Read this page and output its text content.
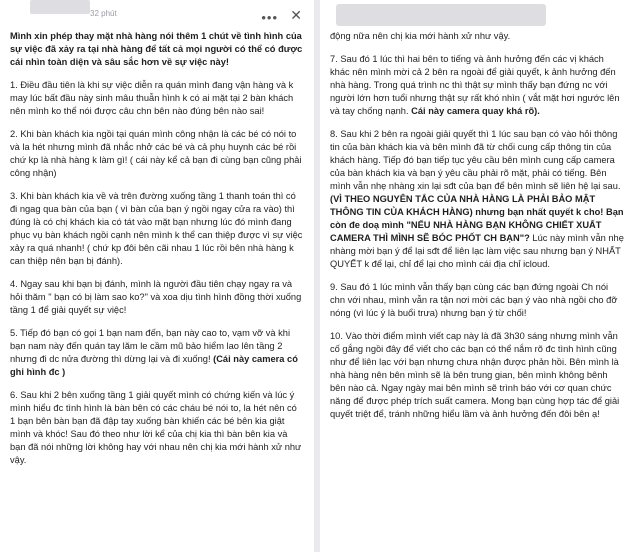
32 phút	••• ✕

Mình xin phép thay mặt nhà hàng nói thêm 1 chút về tình hình của sự việc đã xảy ra tại nhà hàng để tất cả mọi người có thể có được cái nhìn toàn diện và sâu sắc hơn về sự việc này!

1. Điều đầu tiên là khi sự việc diễn ra quán mình đang vận hàng và k may lúc bất đầu này sinh mâu thuẫn hình k có ai mặt tại 2 bàn khách nên mình ko thể nói được câu chn bên nào đúng bên nào sai!

2. Khi bàn khách kia ngồi tại quán mình công nhận là các bé có nói to và la hét nhưng mình đã nhắc nhở các bé và cả phụ huynh các bé rồi chứ kp là nhà hàng k làm gì! ( cái này kể cả bạn đi cùng bạn cũng phải công nhận)

3. Khi bàn khách kia về và trên đường xuống tầng 1 thanh toán thì có đi ngag qua bàn của bạn ( vì bàn của bạn ý ngồi ngay cửa ra vào) thì đúng là có chị khách kia có tát vào mặt bạn nhưng lúc đó mình đang phục vụ bàn khách ngồi cạnh nên mình k thể can thiệp được vì sự việc xảy ra quá nhanh! ( chứ kp đôi bên cãi nhau 1 lúc rồi bên nhà hàng k can thiệp nên bạn bị đánh).

4. Ngay sau khi bạn bị đánh, mình là người đầu tiên chạy ngay ra và hỏi thăm " bạn có bị làm sao ko?" và xoa dịu tình hình đồng thời xuống tầng 1 để giải quyết sự việc!

5. Tiếp đó bạn có gọi 1 bạn nam đến, bạn này cao to, vạm vỡ và khi bạn nam này đến quán tay lăm le cầm mũ bảo hiểm lao lên tầng 2 nhưng đi dc nửa đường thì dừng lại và đi xuống! (Cái này camera có ghi hình đc )

6. Sau khi 2 bên xuống tầng 1 giải quyết mình có chứng kiến và lúc ý mình hiểu đc tình hình là bàn bên có các cháu bé nói to, la hét nên có 1 bạn bên bàn bạn đã đập tay xuống bàn khiến các bé bên kia giật mình và khóc! Sau đó theo như lời kể của chị kia thì bàn bên kia và bạn đã nói những lời không hay với nhau nên chị kia mới hành xử như vậy.

động nữa nên chị kia mới hành xử như vậy.

7. Sau đó 1 lúc thì hai bên to tiếng và ảnh hưởng đến các vị khách khác nên mình mời cả 2 bên ra ngoài để giải quyết, k ảnh hưởng đến nhà hàng. Trong quá trình nc thì thật sự mình thấy bạn đứng nc với người lớn hơn tuổi nhưng thật sự rất khó nhìn ( vắt mặt hơi ngước lên và tay chống nạnh. Cái này camera quay khá rõ).

8. Sau khi 2 bên ra ngoài giải quyết thì 1 lúc sau bạn có vào hỏi thông tin của bàn khách kia và bên mình đã từ chối cung cấp thông tin của khách hàng. Tiếp đó bạn tiếp tục yêu cầu bên mình cung cấp camera của bàn khách kia và bạn ý yêu cầu phải rõ mặt, phải có tiếng. Bên mình vẫn nhẹ nhàng xin lại sđt của bạn để bên mình sẽ liên hệ lại sau. (VÌ THEO NGUYÊN TẮC CỦA NHÀ HÀNG LÀ PHẢI BẢO MẬT THÔNG TIN CỦA KHÁCH HÀNG) nhưng bạn nhất quyết k cho! Bạn còn đe doạ mình "NẾU NHÀ HÀNG BẠN KHÔNG CHIẾT XUẤT CAMERA THÌ MÌNH SẼ BÓC PHỐT CH BẠN"? Lúc này mình vẫn nhẹ nhàng mời bạn ý để lại sđt để liên lạc làm việc sau nhưng bạn ý NHẤT QUYẾT k để lại, chỉ để lại cho mình cái địa chỉ icloud.

9. Sau đó 1 lúc mình vẫn thấy bạn cùng các bạn đứng ngoài Ch nói chn với nhau, mình vẫn ra tận nơi mời các bạn ý vào nhà ngồi cho đỡ nóng (vì lúc ý là buổi trưa) nhưng bạn ý từ chối!

10. Vào thời điểm mình viết cap này là đã 3h30 sáng nhưng mình vẫn cố gắng ngồi đây để viết cho các bạn có thể nắm rõ đc tình hình cũng như để liên lạc với bạn nhưng chưa nhận được phản hồi. Bên mình là nhà hàng nên bên mình sẽ là bên trung gian, bên mình không bênh bên nào cả. Ngay ngày mai bên mình sẽ trình báo với cơ quan chức năng để được phép trích suất camera. Mong bạn cùng hợp tác để giải quyết triệt để, tránh những hiểu lầm và ảnh hưởng đến đôi bên ạ!
